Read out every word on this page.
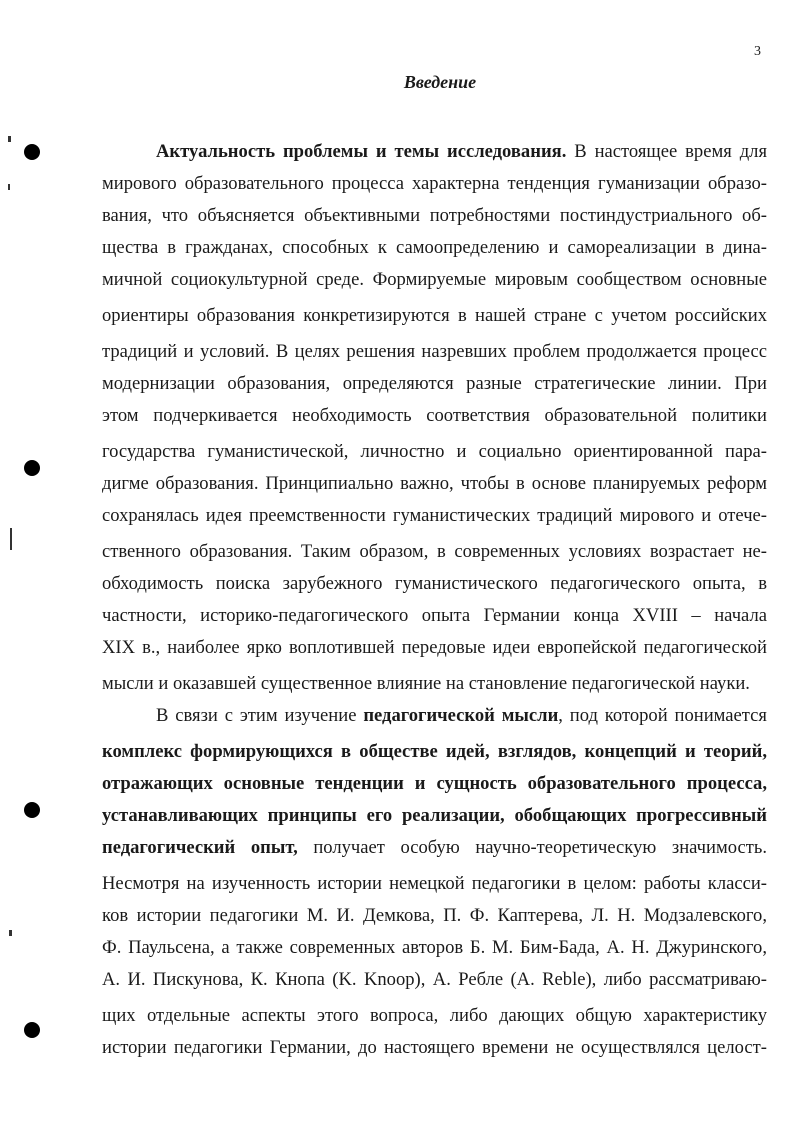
3
Введение
Актуальность проблемы и темы исследования. В настоящее время для
мирового образовательного процесса характерна тенденция гуманизации образо-
вания, что объясняется объективными потребностями постиндустриального об-
щества в гражданах, способных к самоопределению и самореализации в дина-
мичной социокультурной среде. Формируемые мировым сообществом основные
ориентиры образования конкретизируются в нашей стране с учетом российских
традиций и условий. В целях решения назревших проблем продолжается процесс
модернизации образования, определяются разные стратегические линии. При
этом подчеркивается необходимость соответствия образовательной политики
государства гуманистической, личностно и социально ориентированной пара-
дигме образования. Принципиально важно, чтобы в основе планируемых реформ
сохранялась идея преемственности гуманистических традиций мирового и отече-
ственного образования. Таким образом, в современных условиях возрастает не-
обходимость поиска зарубежного гуманистического педагогического опыта, в
частности, историко-педагогического опыта Германии конца XVIII – начала
XIX в., наиболее ярко воплотившей передовые идеи европейской педагогической
мысли и оказавшей существенное влияние на становление педагогической науки.
В связи с этим изучение педагогической мысли, под которой понимается
комплекс формирующихся в обществе идей, взглядов, концепций и теорий,
отражающих основные тенденции и сущность образовательного процесса,
устанавливающих принципы его реализации, обобщающих прогрессивный
педагогический опыт, получает особую научно-теоретическую значимость.
Несмотря на изученность истории немецкой педагогики в целом: работы класси-
ков истории педагогики М. И. Демкова, П. Ф. Каптерева, Л. Н. Модзалевского,
Ф. Паульсена, а также современных авторов Б. М. Бим-Бада, А. Н. Джуринского,
А. И. Пискунова, К. Кнопа (K. Knoop), А. Ребле (A. Reble), либо рассматриваю-
щих отдельные аспекты этого вопроса, либо дающих общую характеристику
истории педагогики Германии, до настоящего времени не осуществлялся целост-
